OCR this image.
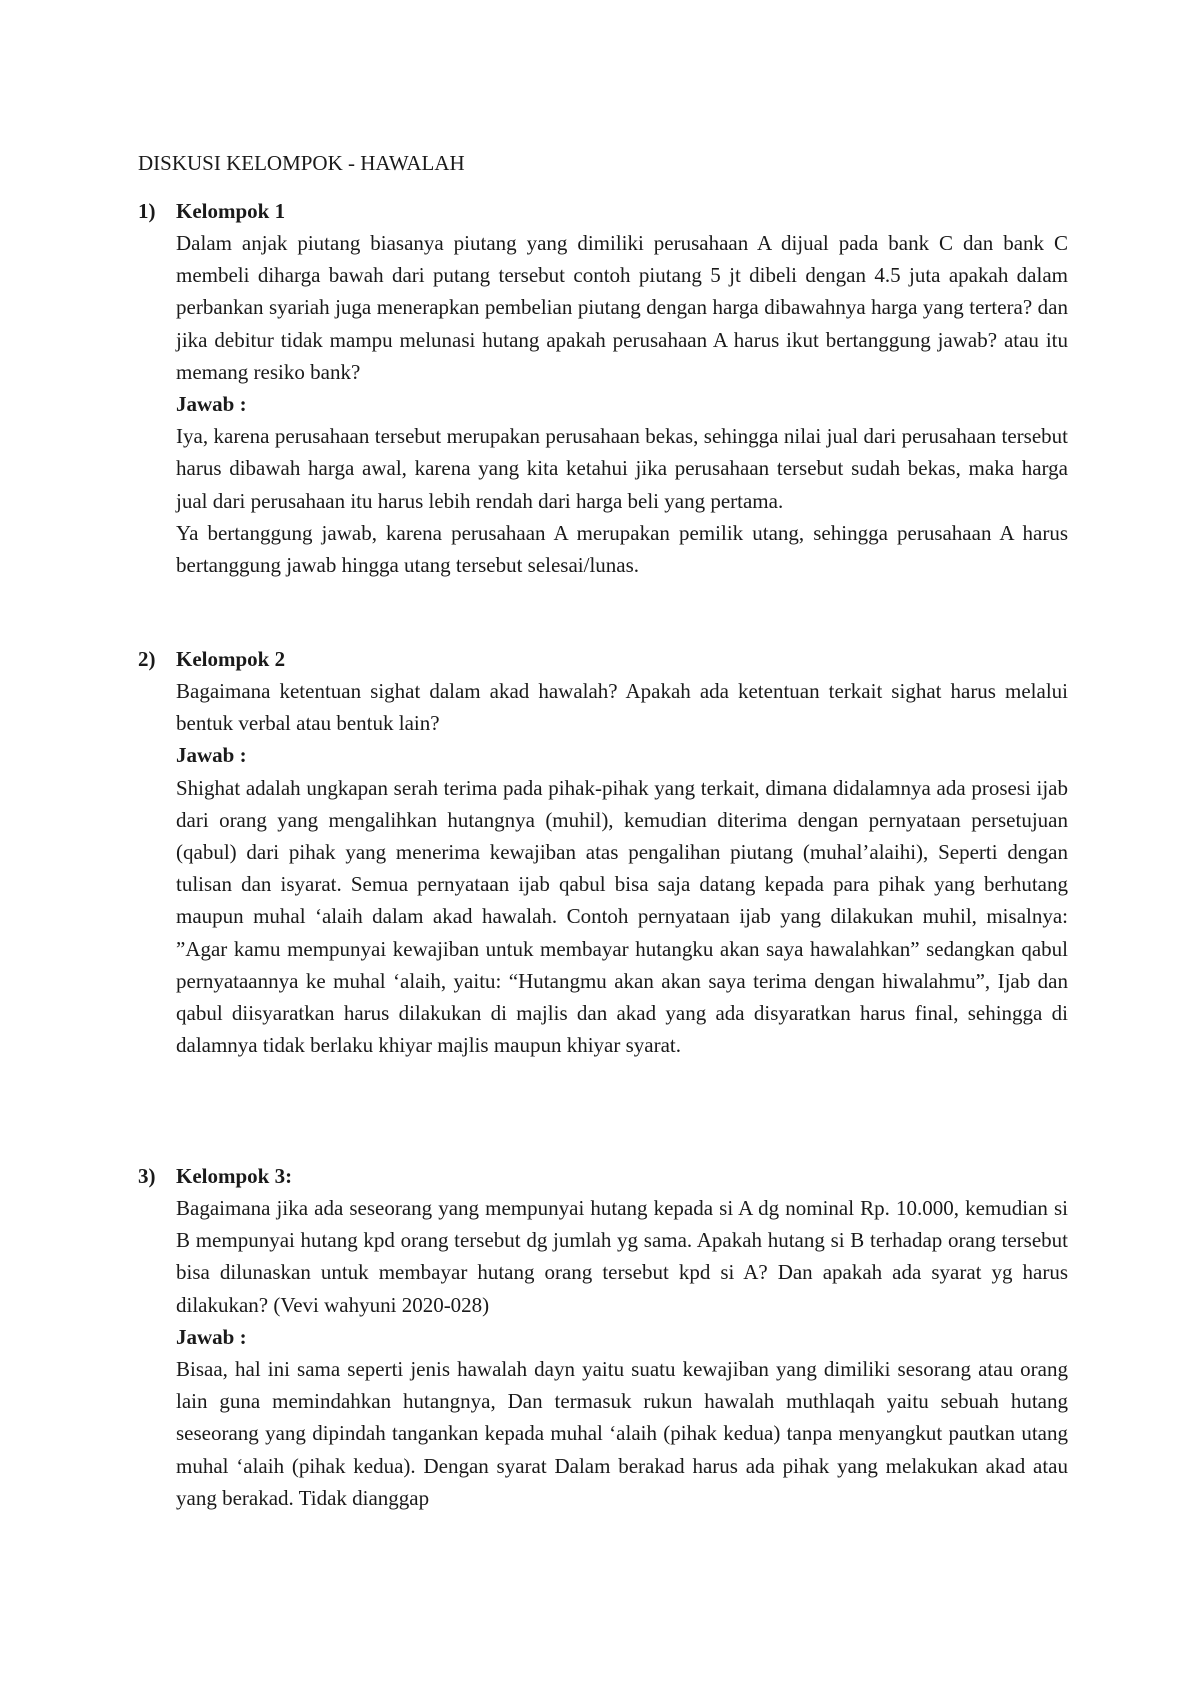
DISKUSI KELOMPOK - HAWALAH
1) Kelompok 1

Dalam anjak piutang biasanya piutang yang dimiliki perusahaan A dijual pada bank C dan bank C membeli diharga bawah dari putang tersebut contoh piutang 5 jt dibeli dengan 4.5 juta apakah dalam perbankan syariah juga menerapkan pembelian piutang dengan harga dibawahnya harga yang tertera? dan jika debitur tidak mampu melunasi hutang apakah perusahaan A harus ikut bertanggung jawab? atau itu memang resiko bank?

Jawab :

Iya, karena perusahaan tersebut merupakan perusahaan bekas, sehingga nilai jual dari perusahaan tersebut harus dibawah harga awal, karena yang kita ketahui jika perusahaan tersebut sudah bekas, maka harga jual dari perusahaan itu harus lebih rendah dari harga beli yang pertama.

Ya bertanggung jawab, karena perusahaan A merupakan pemilik utang, sehingga perusahaan A harus bertanggung jawab hingga utang tersebut selesai/lunas.

2) Kelompok 2

Bagaimana ketentuan sighat dalam akad hawalah? Apakah ada ketentuan terkait sighat harus melalui bentuk verbal atau bentuk lain?

Jawab :

Shighat adalah ungkapan serah terima pada pihak-pihak yang terkait, dimana didalamnya ada prosesi ijab dari orang yang mengalihkan hutangnya (muhil), kemudian diterima dengan pernyataan persetujuan (qabul) dari pihak yang menerima kewajiban atas pengalihan piutang (muhal’alaihi), Seperti dengan tulisan dan isyarat. Semua pernyataan ijab qabul bisa saja datang kepada para pihak yang berhutang maupun muhal ‘alaih dalam akad hawalah. Contoh pernyataan ijab yang dilakukan muhil, misalnya: ”Agar kamu mempunyai kewajiban untuk membayar hutangku akan saya hawalahkan” sedangkan qabul pernyataannya ke muhal ‘alaih, yaitu: “Hutangmu akan akan saya terima dengan hiwalahmu”, Ijab dan qabul diisyaratkan harus dilakukan di majlis dan akad yang ada disyaratkan harus final, sehingga di dalamnya tidak berlaku khiyar majlis maupun khiyar syarat.

3) Kelompok 3:

Bagaimana jika ada seseorang yang mempunyai hutang kepada si A dg nominal Rp. 10.000, kemudian si B mempunyai hutang kpd orang tersebut dg jumlah yg sama. Apakah hutang si B terhadap orang tersebut bisa dilunaskan untuk membayar hutang orang tersebut kpd si A? Dan apakah ada syarat yg harus dilakukan? (Vevi wahyuni 2020-028)

Jawab :

Bisaa, hal ini sama seperti jenis hawalah dayn yaitu suatu kewajiban yang dimiliki sesorang atau orang lain guna memindahkan hutangnya, Dan termasuk rukun hawalah muthlaqah yaitu sebuah hutang seseorang yang dipindah tangankan kepada muhal ‘alaih (pihak kedua) tanpa menyangkut pautkan utang muhal ‘alaih (pihak kedua). Dengan syarat Dalam berakad harus ada pihak yang melakukan akad atau yang berakad. Tidak dianggap
